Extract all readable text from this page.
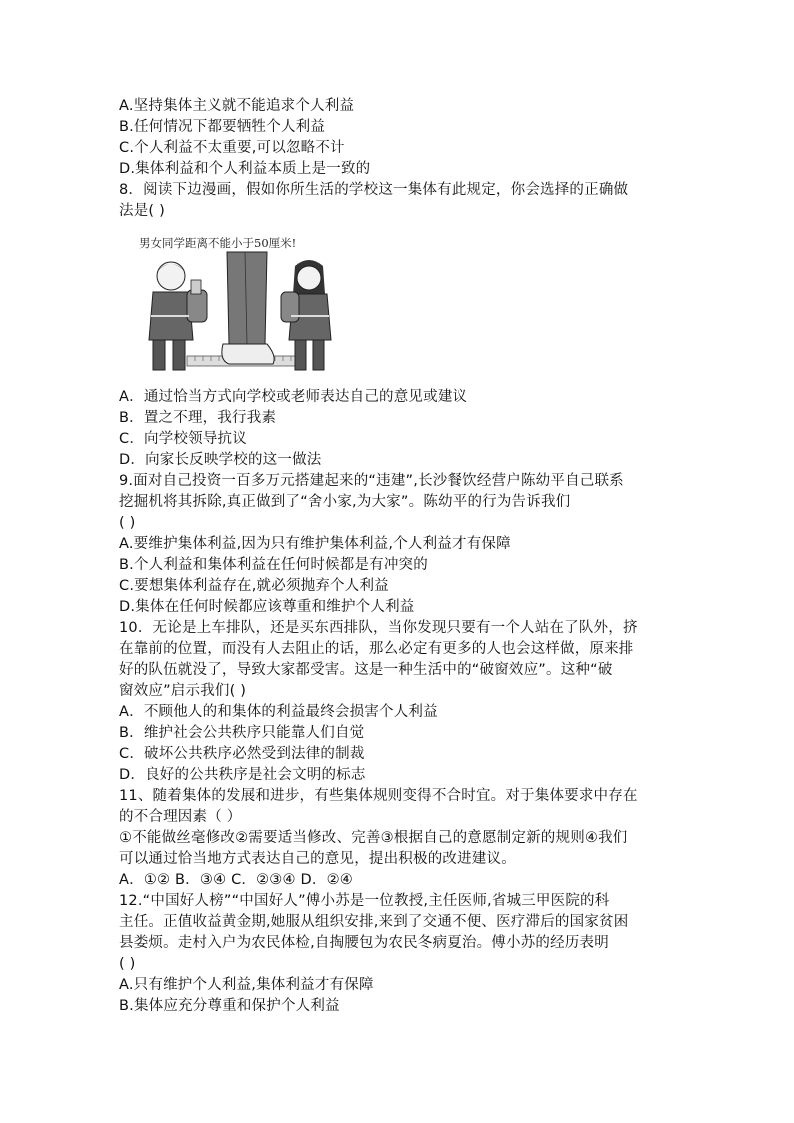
A.坚持集体主义就不能追求个人利益
B.任何情况下都要牺牲个人利益
C.个人利益不太重要,可以忽略不计
D.集体利益和个人利益本质上是一致的
8．阅读下边漫画，假如你所生活的学校这一集体有此规定，你会选择的正确做
法是( )
男女同学距离不能小于50厘米!
A．通过恰当方式向学校或老师表达自己的意见或建议
B．置之不理，我行我素
C．向学校领导抗议
D．向家长反映学校的这一做法
9.面对自己投资一百多万元搭建起来的“违建”,长沙餐饮经营户陈幼平自己联系
挖掘机将其拆除,真正做到了“舍小家,为大家”。陈幼平的行为告诉我们
( )
A.要维护集体利益,因为只有维护集体利益,个人利益才有保障
B.个人利益和集体利益在任何时候都是有冲突的
C.要想集体利益存在,就必须抛弃个人利益
D.集体在任何时候都应该尊重和维护个人利益
10．无论是上车排队，还是买东西排队，当你发现只要有一个人站在了队外，挤
在靠前的位置，而没有人去阻止的话，那么必定有更多的人也会这样做，原来排
好的队伍就没了，导致大家都受害。这是一种生活中的“破窗效应”。这种“破
窗效应”启示我们( )
A．不顾他人的和集体的利益最终会损害个人利益
B．维护社会公共秩序只能靠人们自觉
C．破坏公共秩序必然受到法律的制裁
D．良好的公共秩序是社会文明的标志
11、随着集体的发展和进步，有些集体规则变得不合时宜。对于集体要求中存在
的不合理因素（ ）
①不能做丝毫修改②需要适当修改、完善③根据自己的意愿制定新的规则④我们
可以通过恰当地方式表达自己的意见，提出积极的改进建议。
A．①② B．③④ C．②③④ D．②④
12.“中国好人榜”“中国好人”傅小苏是一位教授,主任医师,省城三甲医院的科
主任。正值收益黄金期,她服从组织安排,来到了交通不便、医疗滞后的国家贫困
县娄烦。走村入户为农民体检,自掏腰包为农民冬病夏治。傅小苏的经历表明
( )
A.只有维护个人利益,集体利益才有保障
B.集体应充分尊重和保护个人利益
